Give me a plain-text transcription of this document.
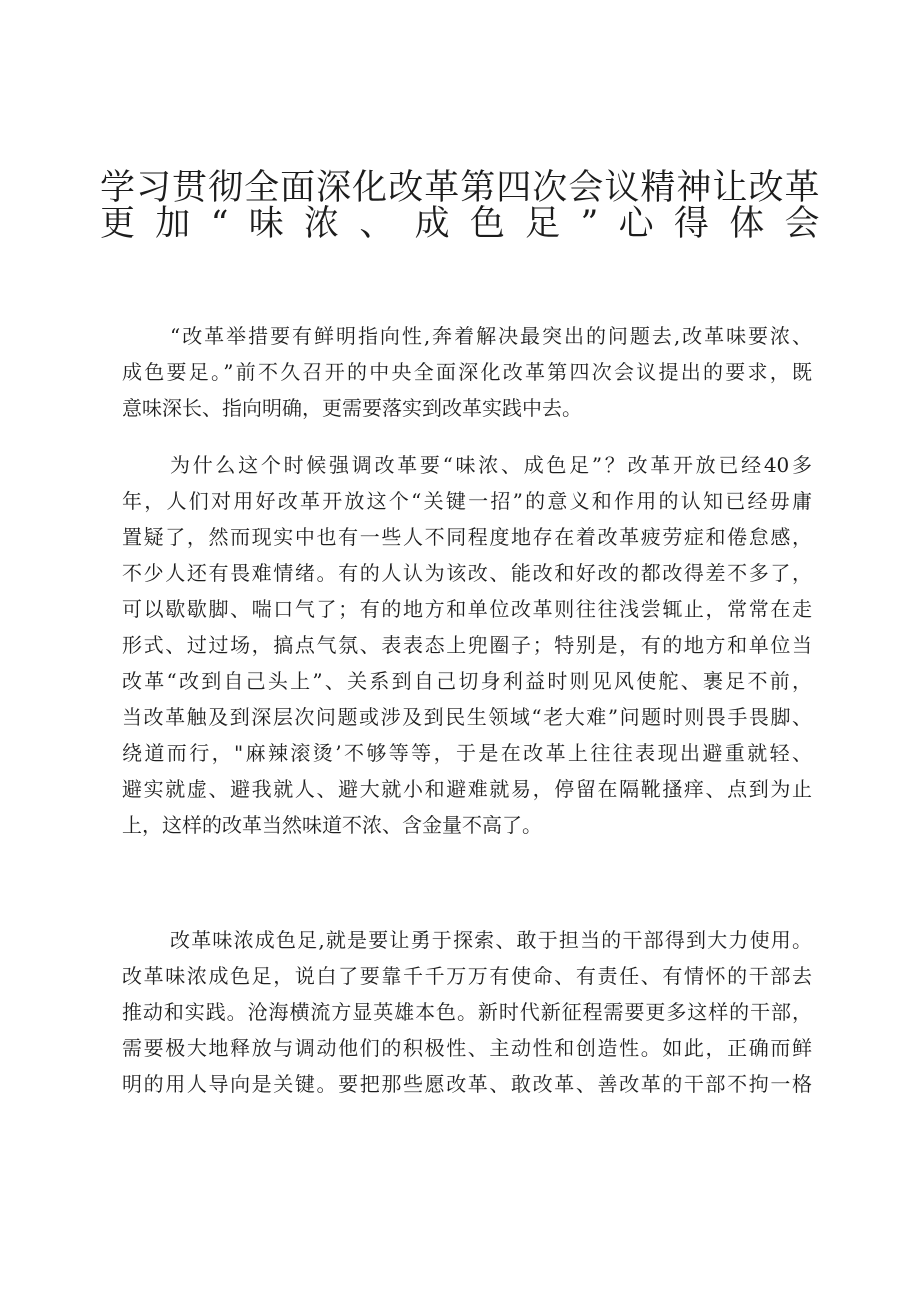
学习贯彻全面深化改革第四次会议精神让改革
更加“味浓、成色足”心得体会
“改革举措要有鲜明指向性,奔着解决最突出的问题去,改革味要浓、
成色要足。”前不久召开的中央全面深化改革第四次会议提出的要求，既
意味深长、指向明确，更需要落实到改革实践中去。
为什么这个时候强调改革要“味浓、成色足”？改革开放已经40多
年，人们对用好改革开放这个“关键一招”的意义和作用的认知已经毋庸
置疑了，然而现实中也有一些人不同程度地存在着改革疲劳症和倦怠感，
不少人还有畏难情绪。有的人认为该改、能改和好改的都改得差不多了，
可以歇歇脚、喘口气了；有的地方和单位改革则往往浅尝辄止，常常在走
形式、过过场，搞点气氛、表表态上兜圈子；特别是，有的地方和单位当
改革“改到自己头上”、关系到自己切身利益时则见风使舵、裹足不前，
当改革触及到深层次问题或涉及到民生领域“老大难”问题时则畏手畏脚、
绕道而行，"麻辣滚烫’不够等等，于是在改革上往往表现出避重就轻、
避实就虚、避我就人、避大就小和避难就易，停留在隔靴搔痒、点到为止
上，这样的改革当然味道不浓、含金量不高了。
改革味浓成色足,就是要让勇于探索、敢于担当的干部得到大力使用。
改革味浓成色足，说白了要靠千千万万有使命、有责任、有情怀的干部去
推动和实践。沧海横流方显英雄本色。新时代新征程需要更多这样的干部，
需要极大地释放与调动他们的积极性、主动性和创造性。如此，正确而鲜
明的用人导向是关键。要把那些愿改革、敢改革、善改革的干部不拘一格
